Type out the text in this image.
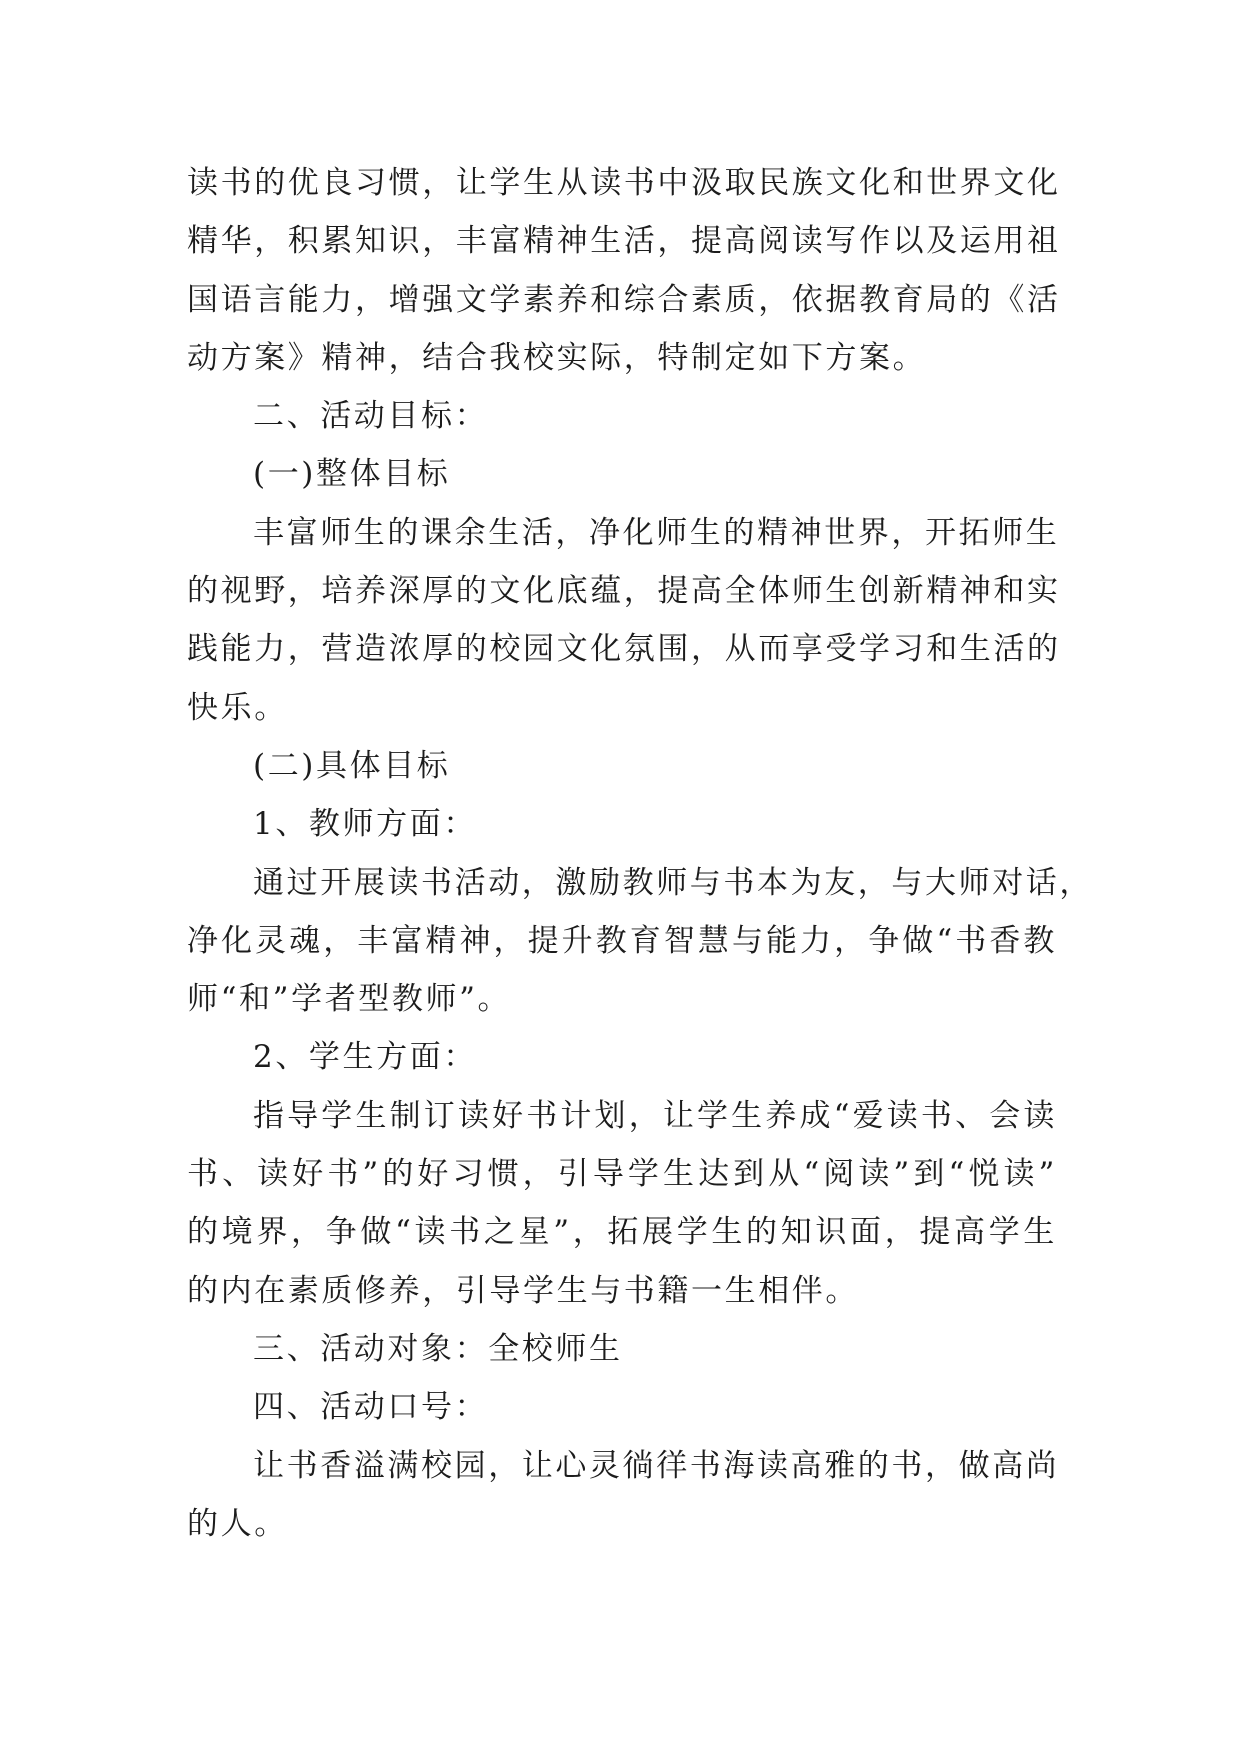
读书的优良习惯，让学生从读书中汲取民族文化和世界文化
精华，积累知识，丰富精神生活，提高阅读写作以及运用祖
国语言能力，增强文学素养和综合素质，依据教育局的《活
动方案》精神，结合我校实际，特制定如下方案。
二、活动目标：
(一)整体目标
丰富师生的课余生活，净化师生的精神世界，开拓师生
的视野，培养深厚的文化底蕴，提高全体师生创新精神和实
践能力，营造浓厚的校园文化氛围，从而享受学习和生活的
快乐。
(二)具体目标
1、教师方面：
通过开展读书活动，激励教师与书本为友，与大师对话，
净化灵魂，丰富精神，提升教育智慧与能力，争做“书香教
师“和”学者型教师”。
2、学生方面：
指导学生制订读好书计划，让学生养成“爱读书、会读
书、读好书”的好习惯，引导学生达到从“阅读”到“悦读”
的境界，争做“读书之星”，拓展学生的知识面，提高学生
的内在素质修养，引导学生与书籍一生相伴。
三、活动对象：全校师生
四、活动口号：
让书香溢满校园，让心灵徜徉书海读高雅的书，做高尚
的人。
